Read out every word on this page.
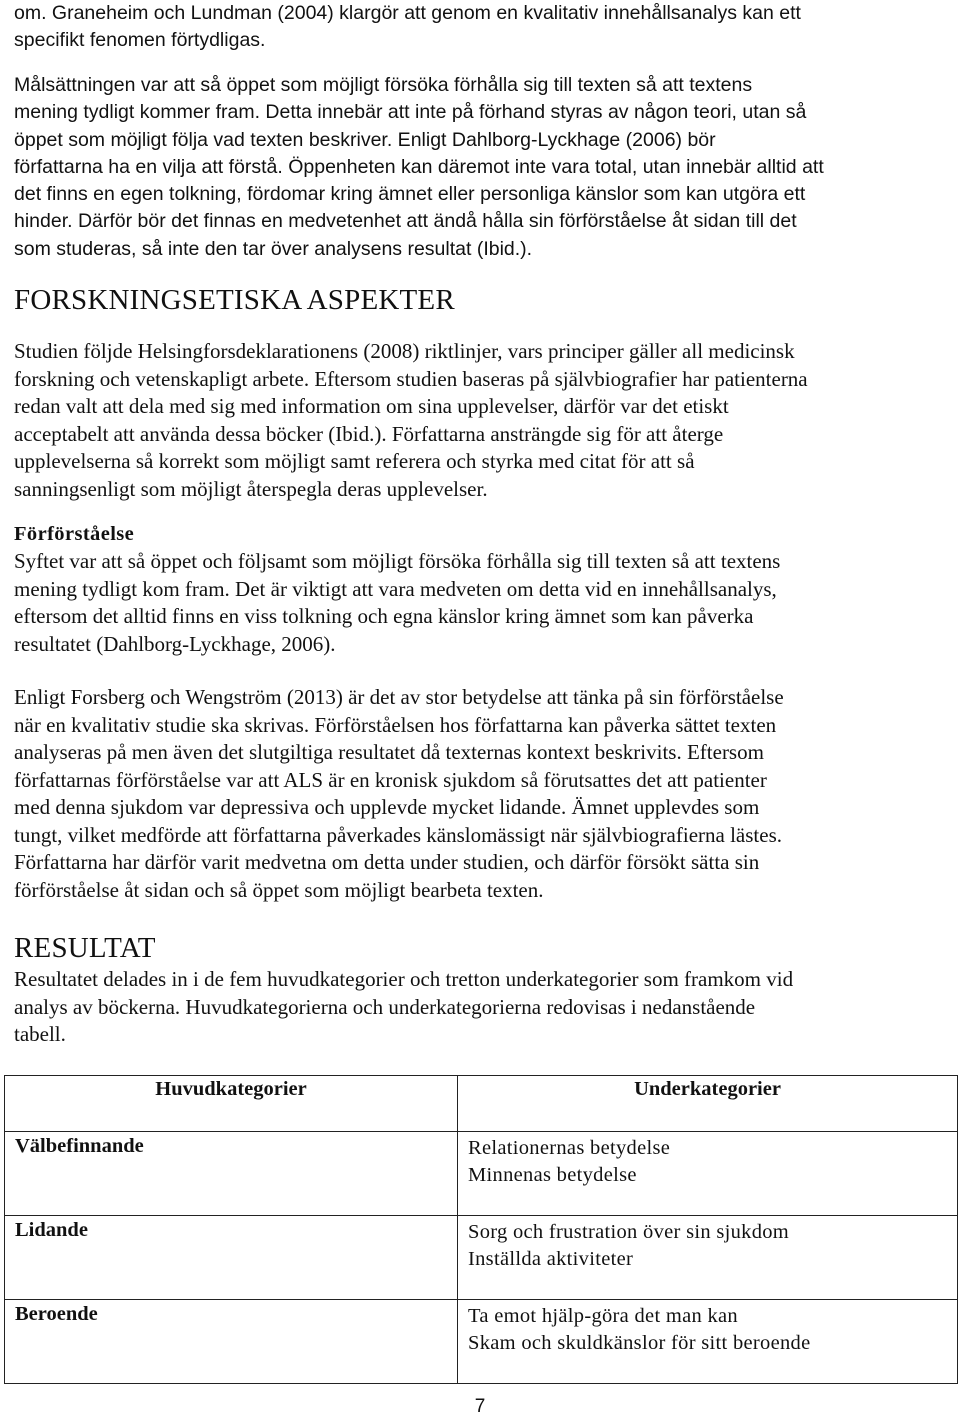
om. Graneheim och Lundman (2004) klargör att genom en kvalitativ innehållsanalys kan ett
specifikt fenomen förtydligas.

Målsättningen var att så öppet som möjligt försöka förhålla sig till texten så att textens
mening tydligt kommer fram. Detta innebär att inte på förhand styras av någon teori, utan så
öppet som möjligt följa vad texten beskriver. Enligt Dahlborg-Lyckhage (2006) bör
författarna ha en vilja att förstå. Öppenheten kan däremot inte vara total, utan innebär alltid att
det finns en egen tolkning, fördomar kring ämnet eller personliga känslor som kan utgöra ett
hinder. Därför bör det finnas en medvetenhet att ändå hålla sin förförståelse åt sidan till det
som studeras, så inte den tar över analysens resultat (Ibid.).

FORSKNINGSETISKA ASPEKTER

Studien följde Helsingforsdeklarationens (2008) riktlinjer, vars principer gäller all medicinsk
forskning och vetenskapligt arbete. Eftersom studien baseras på självbiografier har patienterna
redan valt att dela med sig med information om sina upplevelser, därför var det etiskt
acceptabelt att använda dessa böcker (Ibid.). Författarna ansträngde sig för att återge
upplevelserna så korrekt som möjligt samt referera och styrka med citat för att så
sanningsenligt som möjligt återspegla deras upplevelser.

Förförståelse

Syftet var att så öppet och följsamt som möjligt försöka förhålla sig till texten så att textens
mening tydligt kom fram. Det är viktigt att vara medveten om detta vid en innehållsanalys,
eftersom det alltid finns en viss tolkning och egna känslor kring ämnet som kan påverka
resultatet (Dahlborg-Lyckhage, 2006).

Enligt Forsberg och Wengström (2013) är det av stor betydelse att tänka på sin förförståelse
när en kvalitativ studie ska skrivas. Förförståelsen hos författarna kan påverka sättet texten
analyseras på men även det slutgiltiga resultatet då texternas kontext beskrivits. Eftersom
författarnas förförståelse var att ALS är en kronisk sjukdom så förutsattes det att patienter
med denna sjukdom var depressiva och upplevde mycket lidande. Ämnet upplevdes som
tungt, vilket medförde att författarna påverkades känslomässigt när självbiografierna lästes.
Författarna har därför varit medvetna om detta under studien, och därför försökt sätta sin
förförståelse åt sidan och så öppet som möjligt bearbeta texten.

RESULTAT

Resultatet delades in i de fem huvudkategorier och tretton underkategorier som framkom vid
analys av böckerna. Huvudkategorierna och underkategorierna redovisas i nedanstående
tabell.

Huvudkategorier	Underkategorier
Välbefinnande	Relationernas betydelse
Minnenas betydelse

Lidande	Sorg och frustration över sin sjukdom
Inställda aktiviteter

Beroende	Ta emot hjälp-göra det man kan
Skam och skuldkänslor för sitt beroende
7
